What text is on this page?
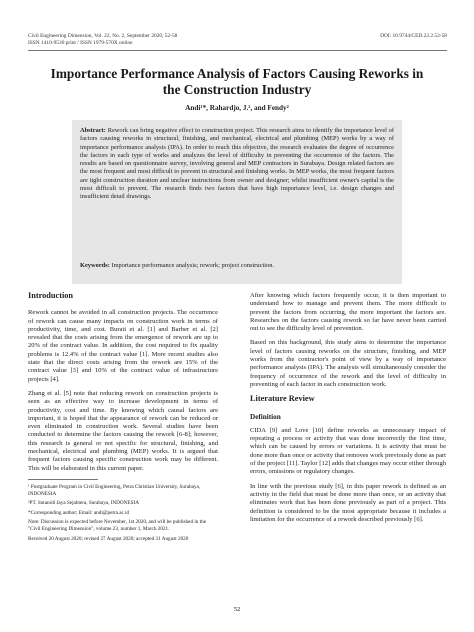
Civil Engineering Dimension, Vol. 22, No. 2, September 2020, 52-58
ISSN 1410-9530 print / ISSN 1979-570X online
DOI: 10.9744/CED.22.2.52-58
Importance Performance Analysis of Factors Causing Reworks in the Construction Industry
Andi¹*, Rahardjo, J.², and Fendy²
Abstract: Rework can bring negative effect to construction project. This research aims to identify the importance level of factors causing reworks in structural, finishing, and mechanical, electrical and plumbing (MEP) works by a way of importance performance analysis (IPA). In order to reach this objective, the research evaluates the degree of occurrence the factors in each type of works and analyzes the level of difficulty in preventing the occurrence of the factors. The results are based on questionnaire survey, involving general and MEP contractors in Surabaya. Design related factors are the most frequent and most difficult to prevent in structural and finishing works. In MEP works, the most frequent factors are tight construction duration and unclear instructions from owner and designer; whilst insufficient owner's capital is the most difficult to prevent. The research finds two factors that have high importance level, i.e. design changes and insufficient detail drawings.
Keywords: Importance performance analysis; rework; project construction.
Introduction

Rework cannot be avoided in all construction projects. The occurrence of rework can cause many impacts on construction work in terms of productivity, time, and cost. Burati et al. [1] and Barber et al. [2] revealed that the costs arising from the emergence of rework are up to 20% of the contract value. In addition, the cost required to fix quality problems is 12.4% of the contract value [1]. More recent studies also state that the direct costs arising from the rework are 15% of the contract value [3] and 10% of the contract value of infrastructure projects [4].

Zhang et al. [5] note that reducing rework on construction projects is seen as an effective way to increase development in terms of productivity, cost and time. By knowing which causal factors are important, it is hoped that the appearance of rework can be reduced or even eliminated in construction work. Several studies have been conducted to determine the factors causing the rework [6-8]; however, this research is general or not specific for structural, finishing, and mechanical, electrical and plumbing (MEP) works. It is argued that frequent factors causing specific construction work may be different. This will be elaborated in this current paper.

¹ Postgraduate Program in Civil Engineering, Petra Christian University, Surabaya, INDONESIA
²PT. Sutanidi Jaya Sejahtera, Surabaya, INDONESIA
*Corresponding author; Email: andi@petra.ac.id
Note: Discussion is expected before November, 1st 2020, and will be published in the "Civil Engineering Dimension", volume 23, number 1, March 2021.
Received 20 August 2020; revised 27 August 2020; accepted 31 August 2020

After knowing which factors frequently occur, it is then important to understand how to manage and prevent them. The more difficult to prevent the factors from occurring, the more important the factors are. Researches on the factors causing rework so far have never been carried out to see the difficulty level of prevention.

Based on this background, this study aims to determine the importance level of factors causing reworks on the structure, finishing, and MEP works from the contractor's point of view by a way of importance performance analysis (IPA). The analysis will simultaneously consider the frequency of occurrence of the rework and the level of difficulty in preventing of each factor in each construction work.

Literature Review
Definition

CIDA [9] and Love [10] define reworks as unnecessary impact of repeating a process or activity that was done incorrectly the first time, which can be caused by errors or variations. It is activity that must be done more than once or activity that removes work previously done as part of the project [11]. Taylor [12] adds that changes may occur either through errors, omissions or regulatory changes.

In line with the previous study [6], in this paper rework is defined as an activity in the field that must be done more than once, or an activity that eliminates work that has been done previously as part of a project. This definition is considered to be the most appropriate because it includes a limitation for the occurrence of a rework described previously [6].

52
